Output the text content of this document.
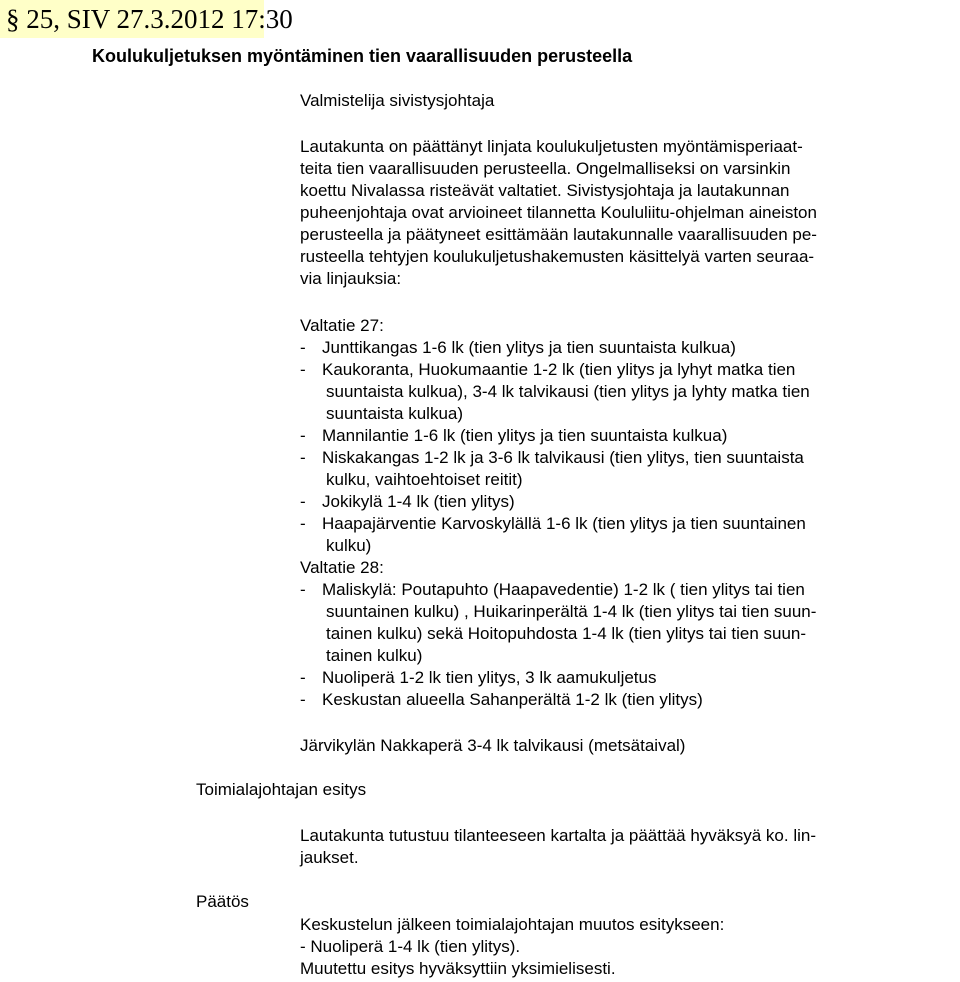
§ 25, SIV 27.3.2012 17:30
Koulukuljetuksen myöntäminen tien vaarallisuuden perusteella
Valmistelija sivistysjohtaja
Lautakunta on päättänyt linjata koulukuljetusten myöntämisperiaat-
teita tien vaarallisuuden perusteella. Ongelmalliseksi on varsinkin
koettu Nivalassa risteävät valtatiet. Sivistysjohtaja ja lautakunnan
puheenjohtaja ovat arvioineet tilannetta Koululiitu-ohjelman aineiston
perusteella ja päätyneet esittämään lautakunnalle vaarallisuuden pe-
rusteella tehtyjen koulukuljetushakemusten käsittelyä varten seuraa-
via linjauksia:
Valtatie 27:
- Junttikangas 1-6 lk (tien ylitys ja tien suuntaista kulkua)
- Kaukoranta, Huokumaantie 1-2 lk (tien ylitys ja lyhyt matka tien
suuntaista kulkua), 3-4 lk talvikausi (tien ylitys ja lyhty matka tien
suuntaista kulkua)
- Mannilantie 1-6 lk (tien ylitys ja tien suuntaista kulkua)
- Niskakangas 1-2 lk ja 3-6 lk talvikausi (tien ylitys, tien suuntaista
kulku, vaihtoehtoiset reitit)
- Jokikylä 1-4 lk (tien ylitys)
- Haapajärventie Karvoskylällä 1-6 lk (tien ylitys ja tien suuntainen
kulku)
Valtatie 28:
- Maliskylä: Poutapuhto (Haapavedentie) 1-2 lk ( tien ylitys tai tien
suuntainen kulku) , Huikarinperältä 1-4 lk (tien ylitys tai tien suun-
tainen kulku) sekä Hoitopuhdosta 1-4 lk (tien ylitys tai tien suun-
tainen kulku)
- Nuoliperä 1-2 lk tien ylitys, 3 lk aamukuljetus
- Keskustan alueella Sahanperältä 1-2 lk (tien ylitys)
Järvikylän Nakkaperä 3-4 lk talvikausi (metsätaival)
Toimialajohtajan esitys
Lautakunta tutustuu tilanteeseen kartalta ja päättää hyväksyä ko. lin-
jaukset.
Päätös
Keskustelun jälkeen toimialajohtajan muutos esitykseen:
- Nuoliperä 1-4 lk (tien ylitys).
Muutettu esitys hyväksyttiin yksimielisesti.
